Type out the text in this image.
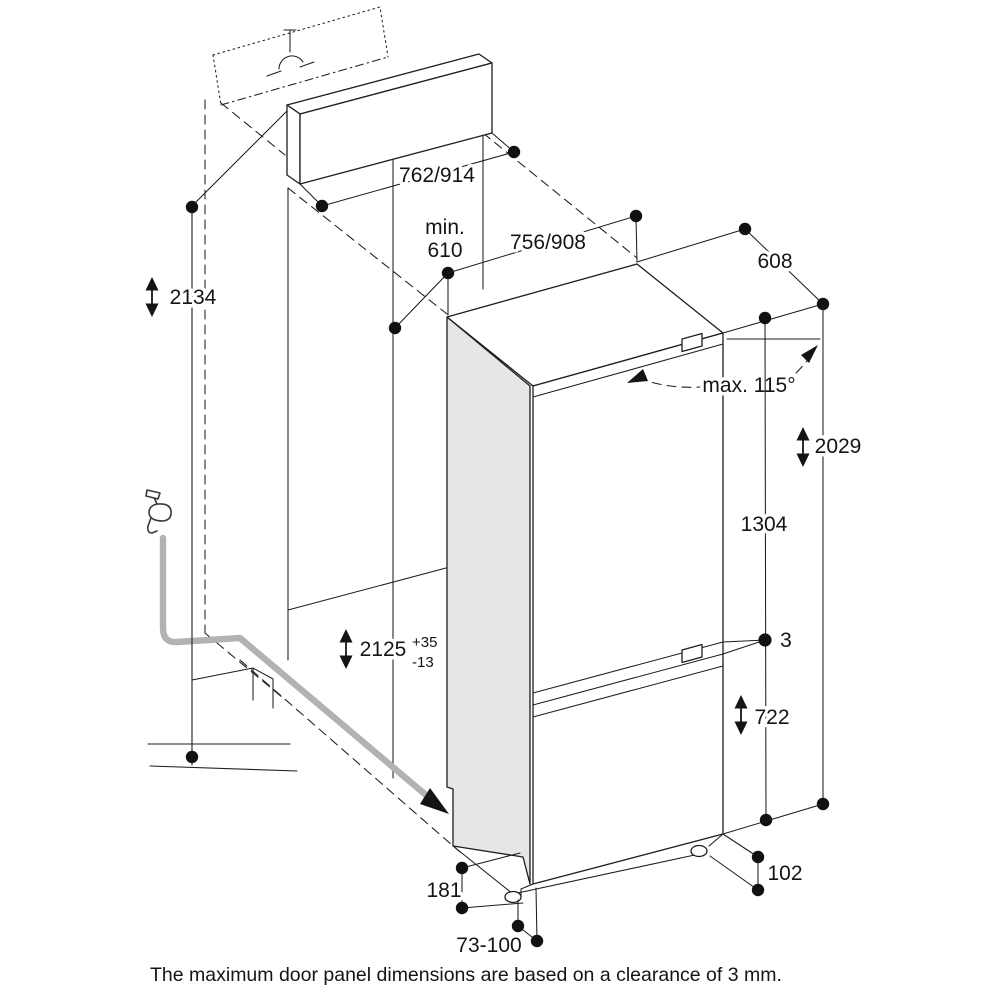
2134
762/914
min.
610 756/908
608
max. 115°
2029
1304
3
722
2125 +35
-13
181
73-100
102
The maximum door panel dimensions are based on a clearance of 3 mm.
